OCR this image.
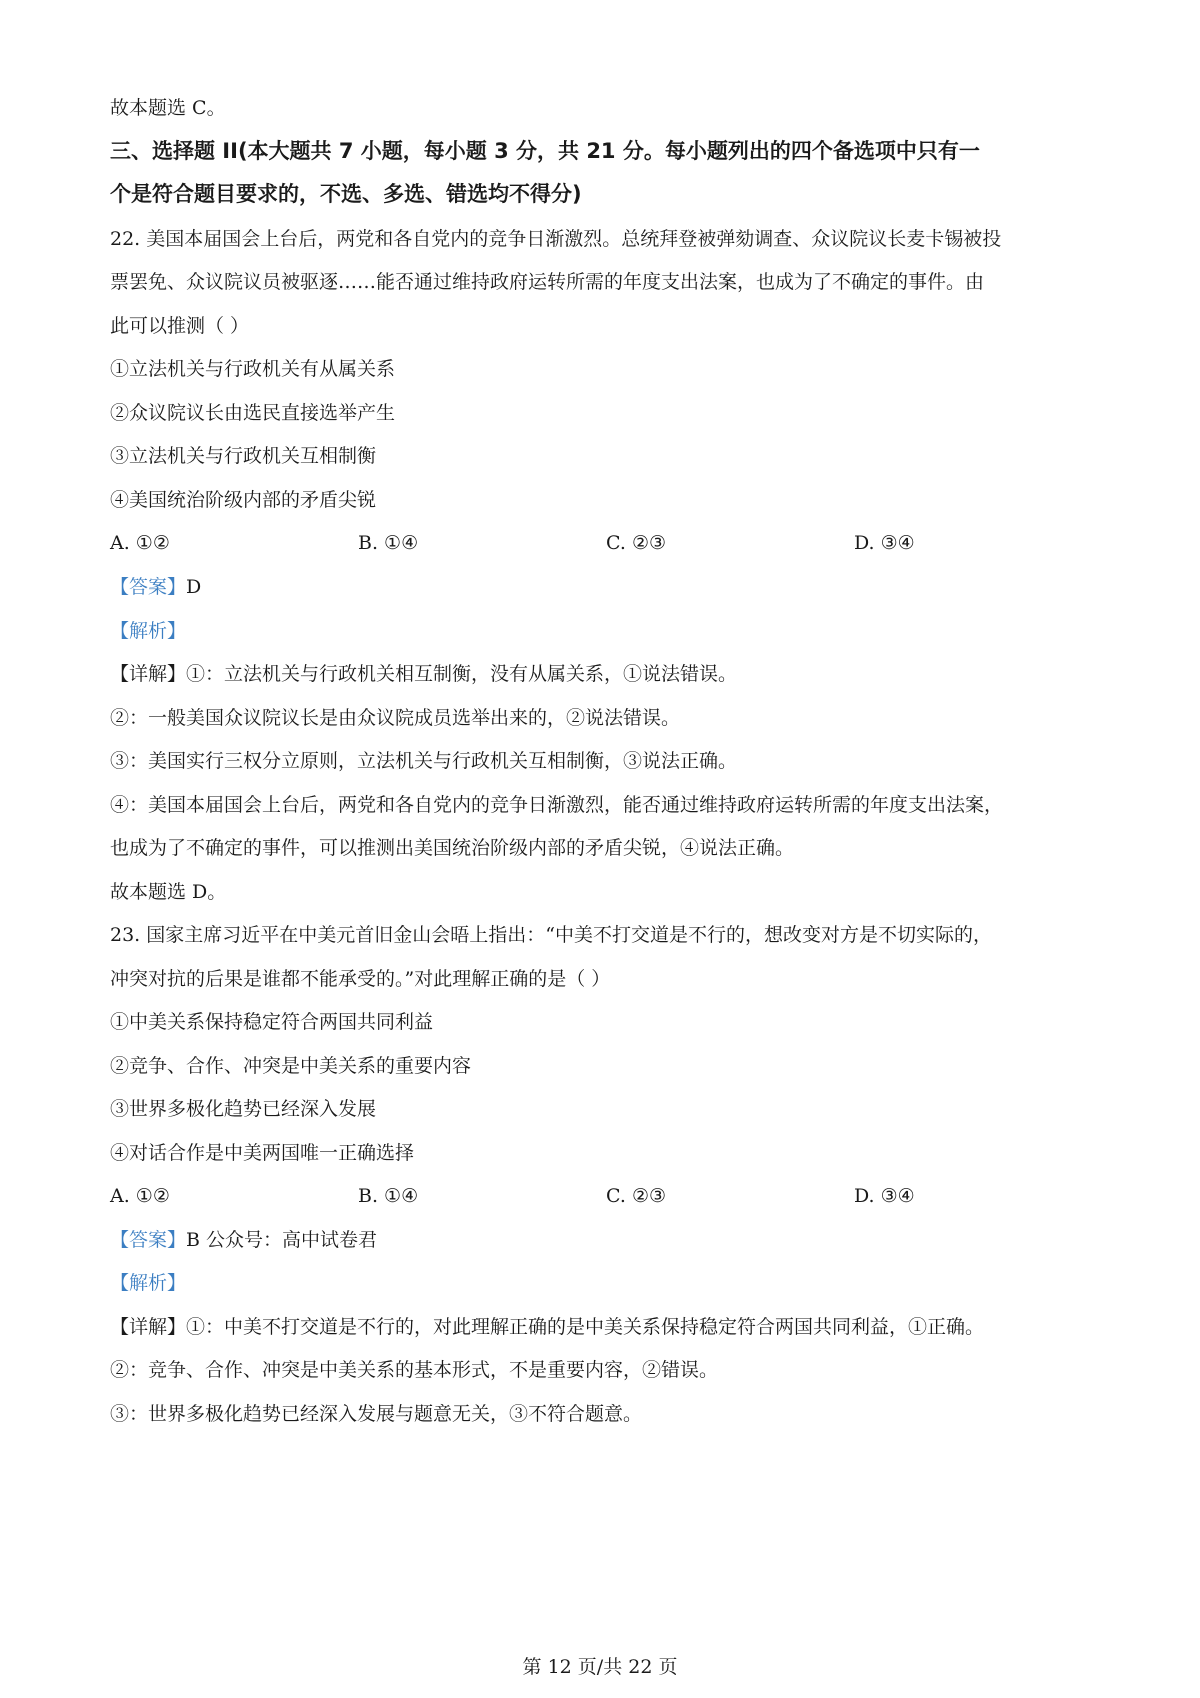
故本题选 C。
三、选择题 II(本大题共 7 小题，每小题 3 分，共 21 分。每小题列出的四个备选项中只有一
个是符合题目要求的，不选、多选、错选均不得分)
22. 美国本届国会上台后，两党和各自党内的竞争日渐激烈。总统拜登被弹劾调查、众议院议长麦卡锡被投
票罢免、众议院议员被驱逐……能否通过维持政府运转所需的年度支出法案，也成为了不确定的事件。由
此可以推测（ ）
①立法机关与行政机关有从属关系
②众议院议长由选民直接选举产生
③立法机关与行政机关互相制衡
④美国统治阶级内部的矛盾尖锐
A. ①②	B. ①④	C. ②③	D. ③④
【答案】D
【解析】
【详解】①：立法机关与行政机关相互制衡，没有从属关系，①说法错误。
②：一般美国众议院议长是由众议院成员选举出来的，②说法错误。
③：美国实行三权分立原则，立法机关与行政机关互相制衡，③说法正确。
④：美国本届国会上台后，两党和各自党内的竞争日渐激烈，能否通过维持政府运转所需的年度支出法案，
也成为了不确定的事件，可以推测出美国统治阶级内部的矛盾尖锐，④说法正确。
故本题选 D。
23. 国家主席习近平在中美元首旧金山会晤上指出：“中美不打交道是不行的，想改变对方是不切实际的，
冲突对抗的后果是谁都不能承受的。”对此理解正确的是（ ）
①中美关系保持稳定符合两国共同利益
②竞争、合作、冲突是中美关系的重要内容
③世界多极化趋势已经深入发展
④对话合作是中美两国唯一正确选择
A. ①②	B. ①④	C. ②③	D. ③④
【答案】B 公众号：高中试卷君
【解析】
【详解】①：中美不打交道是不行的，对此理解正确的是中美关系保持稳定符合两国共同利益，①正确。
②：竞争、合作、冲突是中美关系的基本形式，不是重要内容，②错误。
③：世界多极化趋势已经深入发展与题意无关，③不符合题意。
第 12 页/共 22 页
